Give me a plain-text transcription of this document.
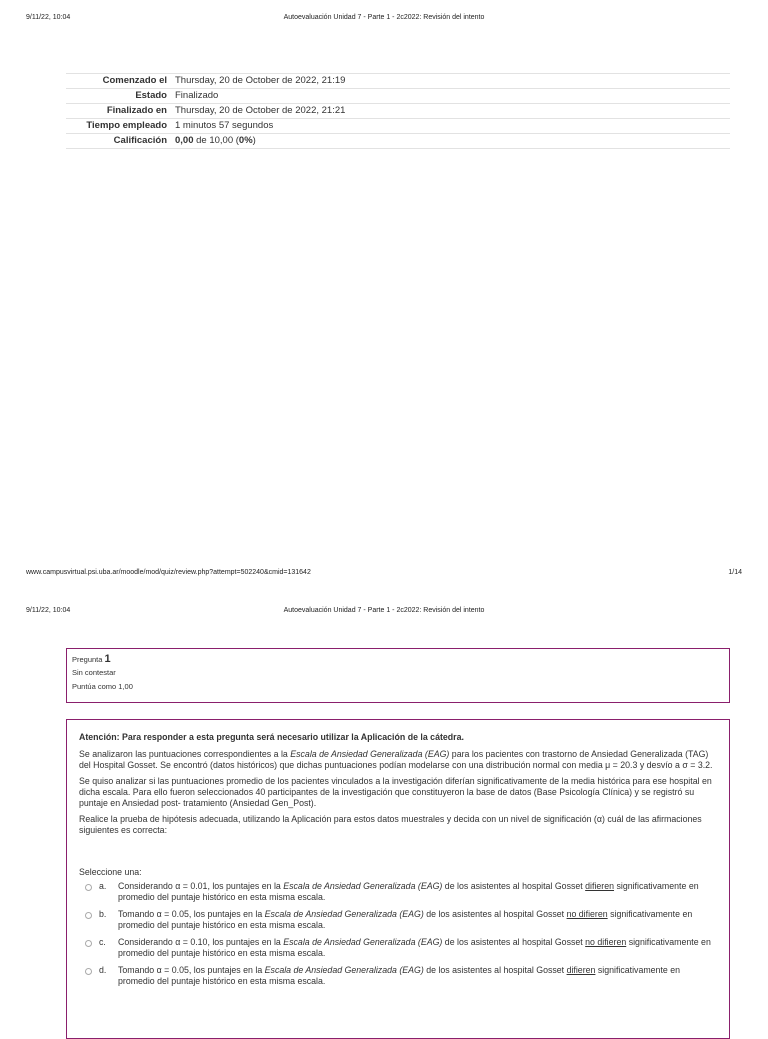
9/11/22, 10:04	Autoevaluación Unidad 7 - Parte 1 - 2c2022: Revisión del intento
Comenzado el	Thursday, 20 de October de 2022, 21:19
Estado	Finalizado
Finalizado en	Thursday, 20 de October de 2022, 21:21
Tiempo empleado	1 minutos 57 segundos
Calificación	0,00 de 10,00 (0%)
www.campusvirtual.psi.uba.ar/moodle/mod/quiz/review.php?attempt=502240&cmid=131642	1/14
9/11/22, 10:04	Autoevaluación Unidad 7 - Parte 1 - 2c2022: Revisión del intento
Pregunta 1
Sin contestar
Puntúa como 1,00

Atención: Para responder a esta pregunta será necesario utilizar la Aplicación de la cátedra.

Se analizaron las puntuaciones correspondientes a la Escala de Ansiedad Generalizada (EAG) para los pacientes con trastorno de Ansiedad Generalizada (TAG) del Hospital Gosset. Se encontró (datos históricos) que dichas puntuaciones podían modelarse con una distribución normal con media μ = 20.3 y desvío a σ = 3.2.

Se quiso analizar si las puntuaciones promedio de los pacientes vinculados a la investigación diferían significativamente de la media histórica para ese hospital en dicha escala. Para ello fueron seleccionados 40 participantes de la investigación que constituyeron la base de datos (Base Psicología Clínica) y se registró su puntaje en Ansiedad post- tratamiento (Ansiedad Gen_Post).

Realice la prueba de hipótesis adecuada, utilizando la Aplicación para estos datos muestrales y decida con un nivel de significación (α) cuál de las afirmaciones siguientes es correcta:

Seleccione una:

a. Considerando α = 0.01, los puntajes en la Escala de Ansiedad Generalizada (EAG) de los asistentes al hospital Gosset difieren significativamente en promedio del puntaje histórico en esta misma escala.
b. Tomando α = 0.05, los puntajes en la Escala de Ansiedad Generalizada (EAG) de los asistentes al hospital Gosset no difieren significativamente en promedio del puntaje histórico en esta misma escala.
c. Considerando α = 0.10, los puntajes en la Escala de Ansiedad Generalizada (EAG) de los asistentes al hospital Gosset no difieren significativamente en promedio del puntaje histórico en esta misma escala.
d. Tomando α = 0.05, los puntajes en la Escala de Ansiedad Generalizada (EAG) de los asistentes al hospital Gosset difieren significativamente en promedio del puntaje histórico en esta misma escala.
